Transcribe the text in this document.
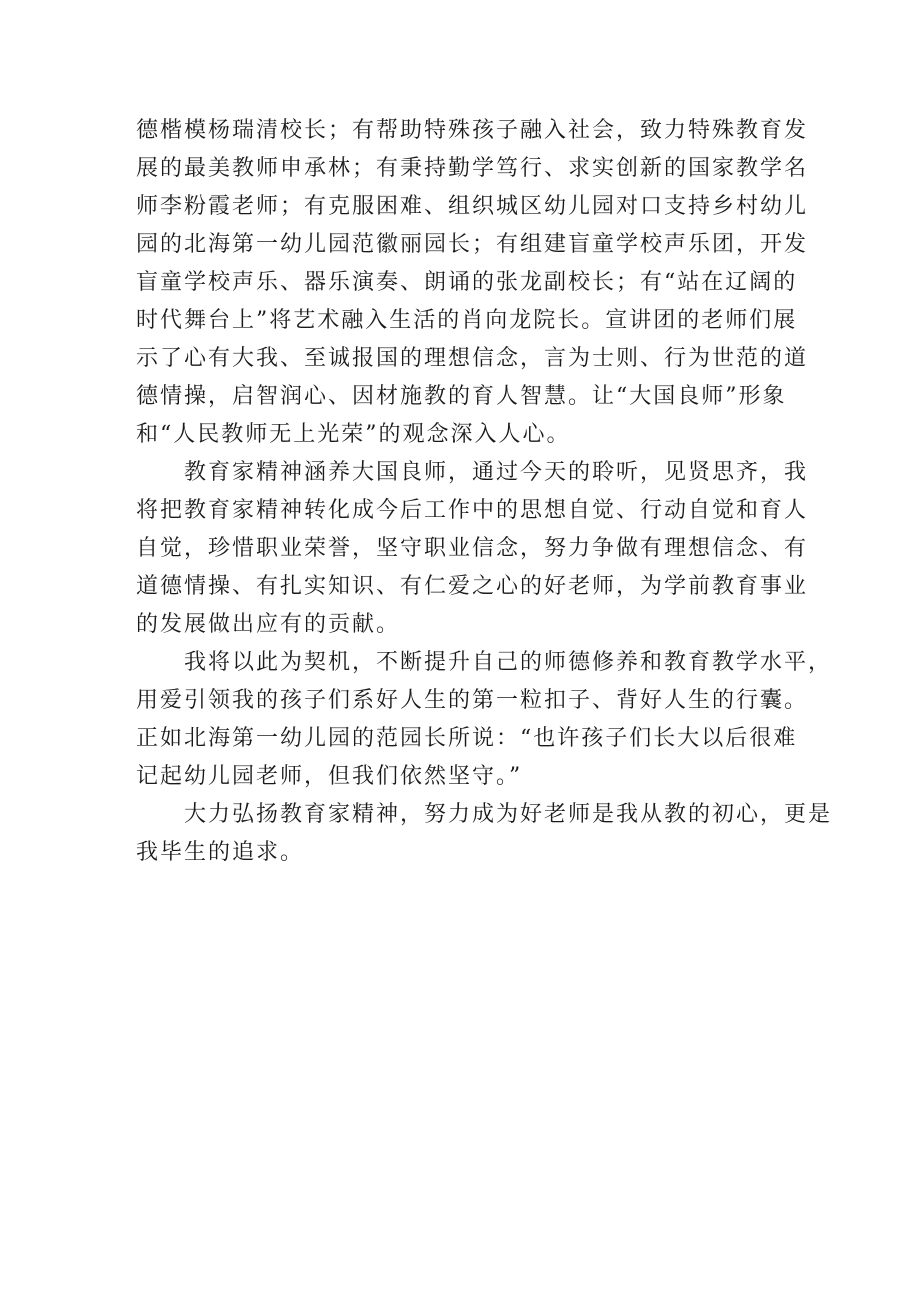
德楷模杨瑞清校长；有帮助特殊孩子融入社会，致力特殊教育发
展的最美教师申承林；有秉持勤学笃行、求实创新的国家教学名
师李粉霞老师；有克服困难、组织城区幼儿园对口支持乡村幼儿
园的北海第一幼儿园范徽丽园长；有组建盲童学校声乐团，开发
盲童学校声乐、器乐演奏、朗诵的张龙副校长；有“站在辽阔的
时代舞台上”将艺术融入生活的肖向龙院长。宣讲团的老师们展
示了心有大我、至诚报国的理想信念，言为士则、行为世范的道
德情操，启智润心、因材施教的育人智慧。让“大国良师”形象
和“人民教师无上光荣”的观念深入人心。

　　教育家精神涵养大国良师，通过今天的聆听，见贤思齐，我
将把教育家精神转化成今后工作中的思想自觉、行动自觉和育人
自觉，珍惜职业荣誉，坚守职业信念，努力争做有理想信念、有
道德情操、有扎实知识、有仁爱之心的好老师，为学前教育事业
的发展做出应有的贡献。

　　我将以此为契机，不断提升自己的师德修养和教育教学水平，
用爱引领我的孩子们系好人生的第一粒扣子、背好人生的行囊。
正如北海第一幼儿园的范园长所说：“也许孩子们长大以后很难
记起幼儿园老师，但我们依然坚守。”

　　大力弘扬教育家精神，努力成为好老师是我从教的初心，更是
我毕生的追求。
